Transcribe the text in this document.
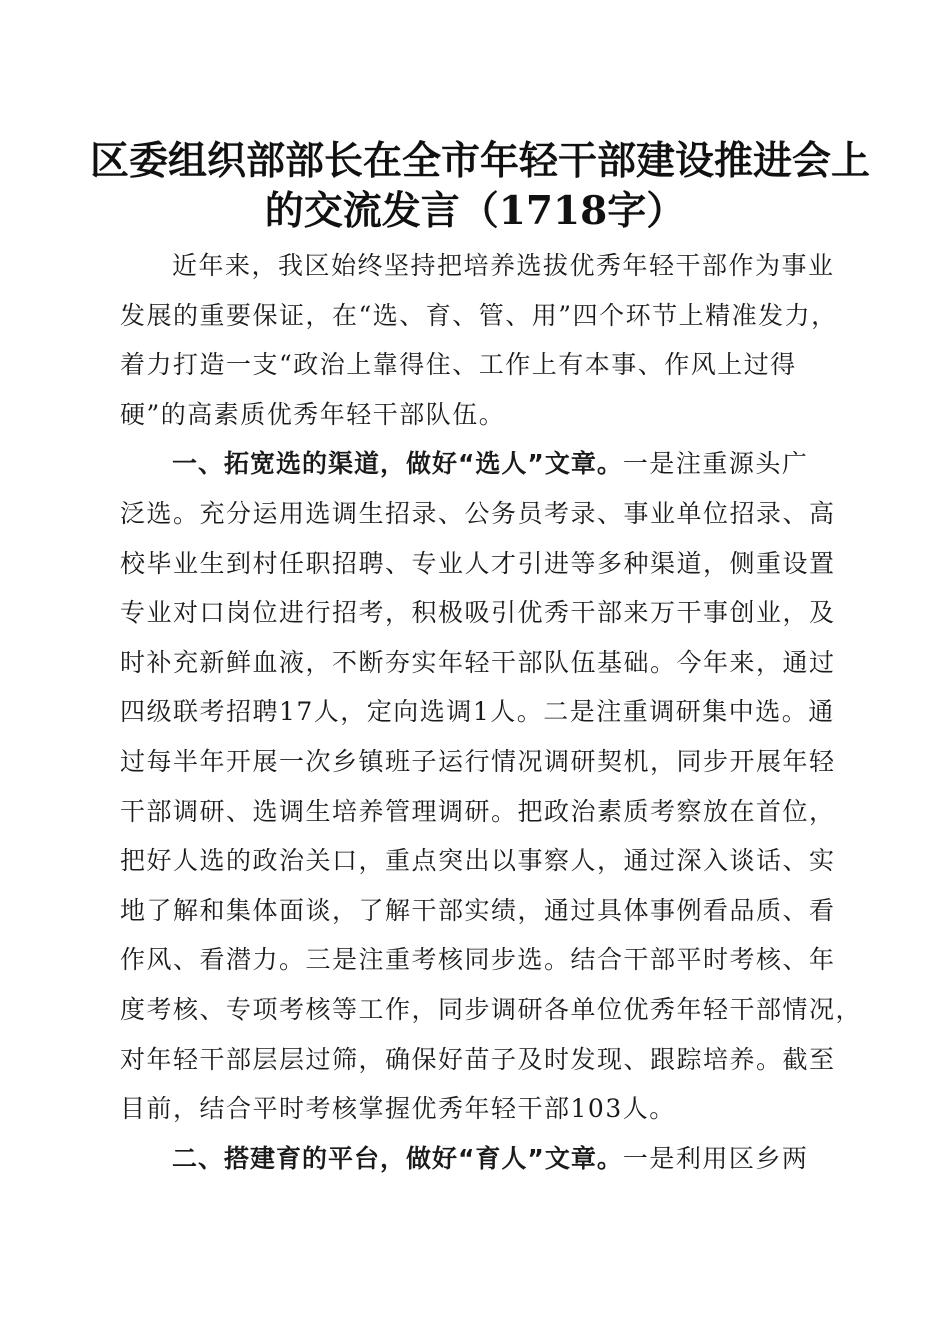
区委组织部部长在全市年轻干部建设推进会上
的交流发言（1718字）
近年来，我区始终坚持把培养选拔优秀年轻干部作为事业
发展的重要保证，在“选、育、管、用”四个环节上精准发力，
着力打造一支“政治上靠得住、工作上有本事、作风上过得
硬”的高素质优秀年轻干部队伍。
一、拓宽选的渠道，做好“选人”文章。一是注重源头广
泛选。充分运用选调生招录、公务员考录、事业单位招录、高
校毕业生到村任职招聘、专业人才引进等多种渠道，侧重设置
专业对口岗位进行招考，积极吸引优秀干部来万干事创业，及
时补充新鲜血液，不断夯实年轻干部队伍基础。今年来，通过
四级联考招聘17人，定向选调1人。二是注重调研集中选。通
过每半年开展一次乡镇班子运行情况调研契机，同步开展年轻
干部调研、选调生培养管理调研。把政治素质考察放在首位，
把好人选的政治关口，重点突出以事察人，通过深入谈话、实
地了解和集体面谈，了解干部实绩，通过具体事例看品质、看
作风、看潜力。三是注重考核同步选。结合干部平时考核、年
度考核、专项考核等工作，同步调研各单位优秀年轻干部情况，
对年轻干部层层过筛，确保好苗子及时发现、跟踪培养。截至
目前，结合平时考核掌握优秀年轻干部103人。
二、搭建育的平台，做好“育人”文章。一是利用区乡两
